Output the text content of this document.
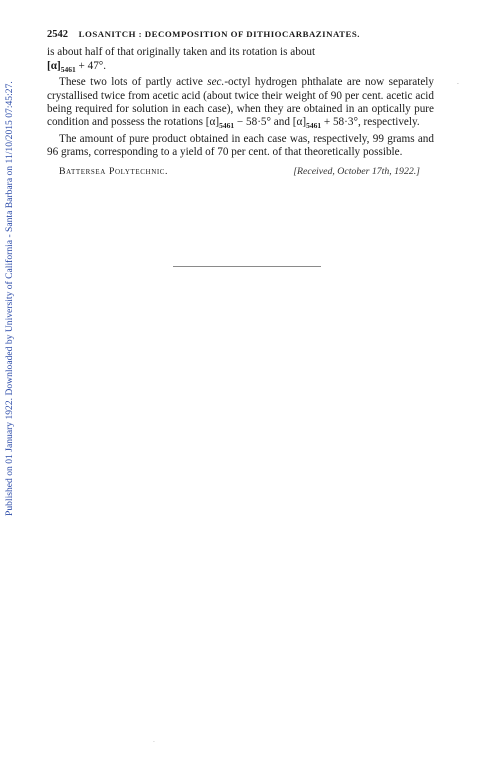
Published on 01 January 1922. Downloaded by University of California - Santa Barbara on 11/10/2015 07:45:27.
2542 LOSANITCH : DECOMPOSITION OF DITHIOCARBAZINATES.

is about half of that originally taken and its rotation is about
$[\alpha]_{5461} + 47^\circ$.

These two lots of partly active sec.-octyl hydrogen phthalate are now separately crystallised twice from acetic acid (about twice their weight of 90 per cent. acetic acid being required for solution in each case), when they are obtained in an optically pure condition and possess the rotations $[\alpha]_{5461} - 58\cdot 5^\circ$ and $[\alpha]_{5461} + 58\cdot 3^\circ$, respectively.

The amount of pure product obtained in each case was, respectively, 99 grams and 96 grams, corresponding to a yield of 70 per cent. of that theoretically possible.

Battersea Polytechnic.	[Received, October 17th, 1922.]
·
·
